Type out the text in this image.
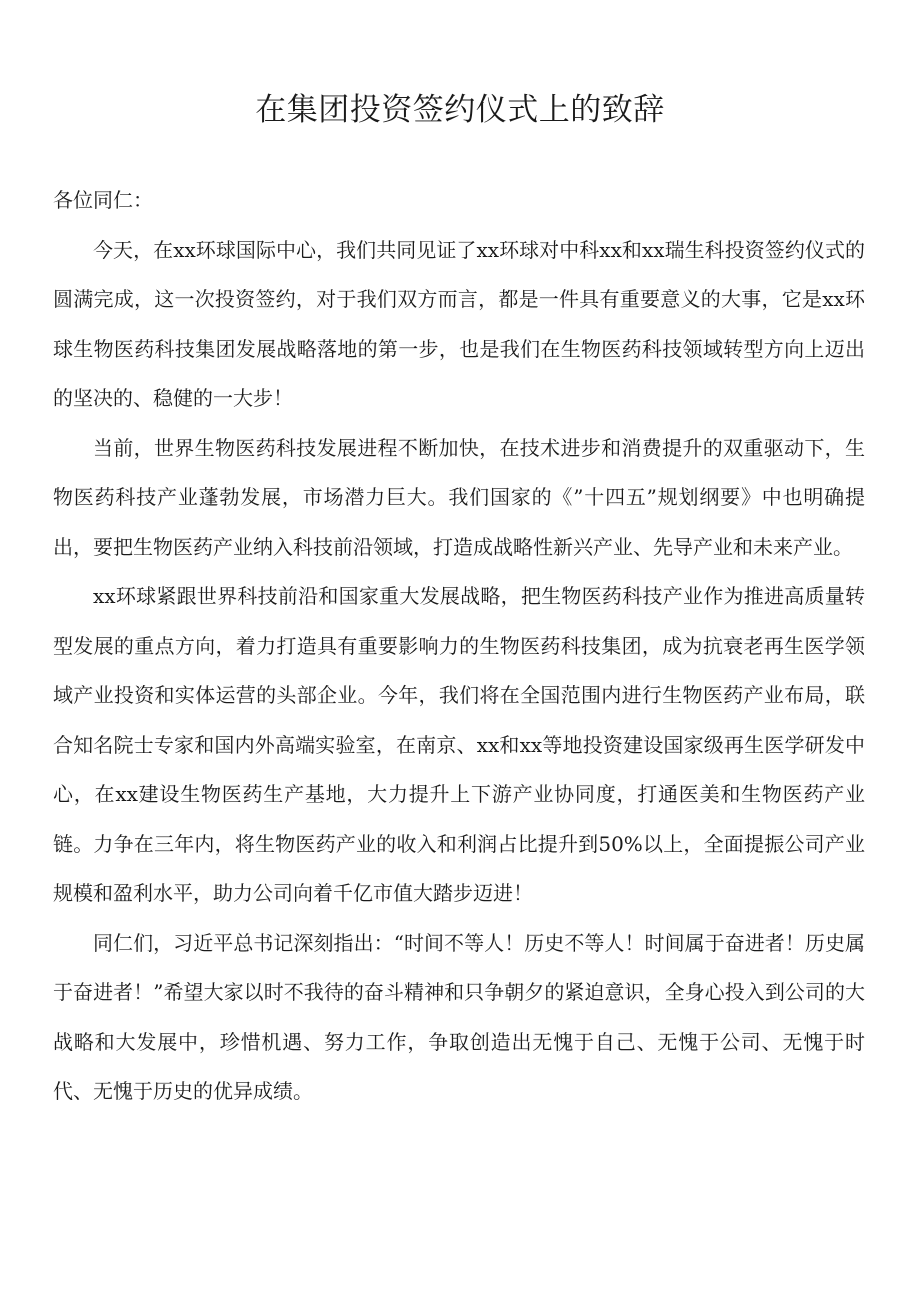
在集团投资签约仪式上的致辞

各位同仁：

今天，在xx环球国际中心，我们共同见证了xx环球对中科xx和xx瑞生科投资签约仪式的圆满完成，这一次投资签约，对于我们双方而言，都是一件具有重要意义的大事，它是xx环球生物医药科技集团发展战略落地的第一步，也是我们在生物医药科技领域转型方向上迈出的坚决的、稳健的一大步！

当前，世界生物医药科技发展进程不断加快，在技术进步和消费提升的双重驱动下，生物医药科技产业蓬勃发展，市场潜力巨大。我们国家的《”十四五”规划纲要》中也明确提出，要把生物医药产业纳入科技前沿领域，打造成战略性新兴产业、先导产业和未来产业。

xx环球紧跟世界科技前沿和国家重大发展战略，把生物医药科技产业作为推进高质量转型发展的重点方向，着力打造具有重要影响力的生物医药科技集团，成为抗衰老再生医学领域产业投资和实体运营的头部企业。今年，我们将在全国范围内进行生物医药产业布局，联合知名院士专家和国内外高端实验室，在南京、xx和xx等地投资建设国家级再生医学研发中心，在xx建设生物医药生产基地，大力提升上下游产业协同度，打通医美和生物医药产业链。力争在三年内，将生物医药产业的收入和利润占比提升到50%以上，全面提振公司产业规模和盈利水平，助力公司向着千亿市值大踏步迈进！

同仁们，习近平总书记深刻指出：“时间不等人！历史不等人！时间属于奋进者！历史属于奋进者！”希望大家以时不我待的奋斗精神和只争朝夕的紧迫意识，全身心投入到公司的大战略和大发展中，珍惜机遇、努力工作，争取创造出无愧于自己、无愧于公司、无愧于时代、无愧于历史的优异成绩。
